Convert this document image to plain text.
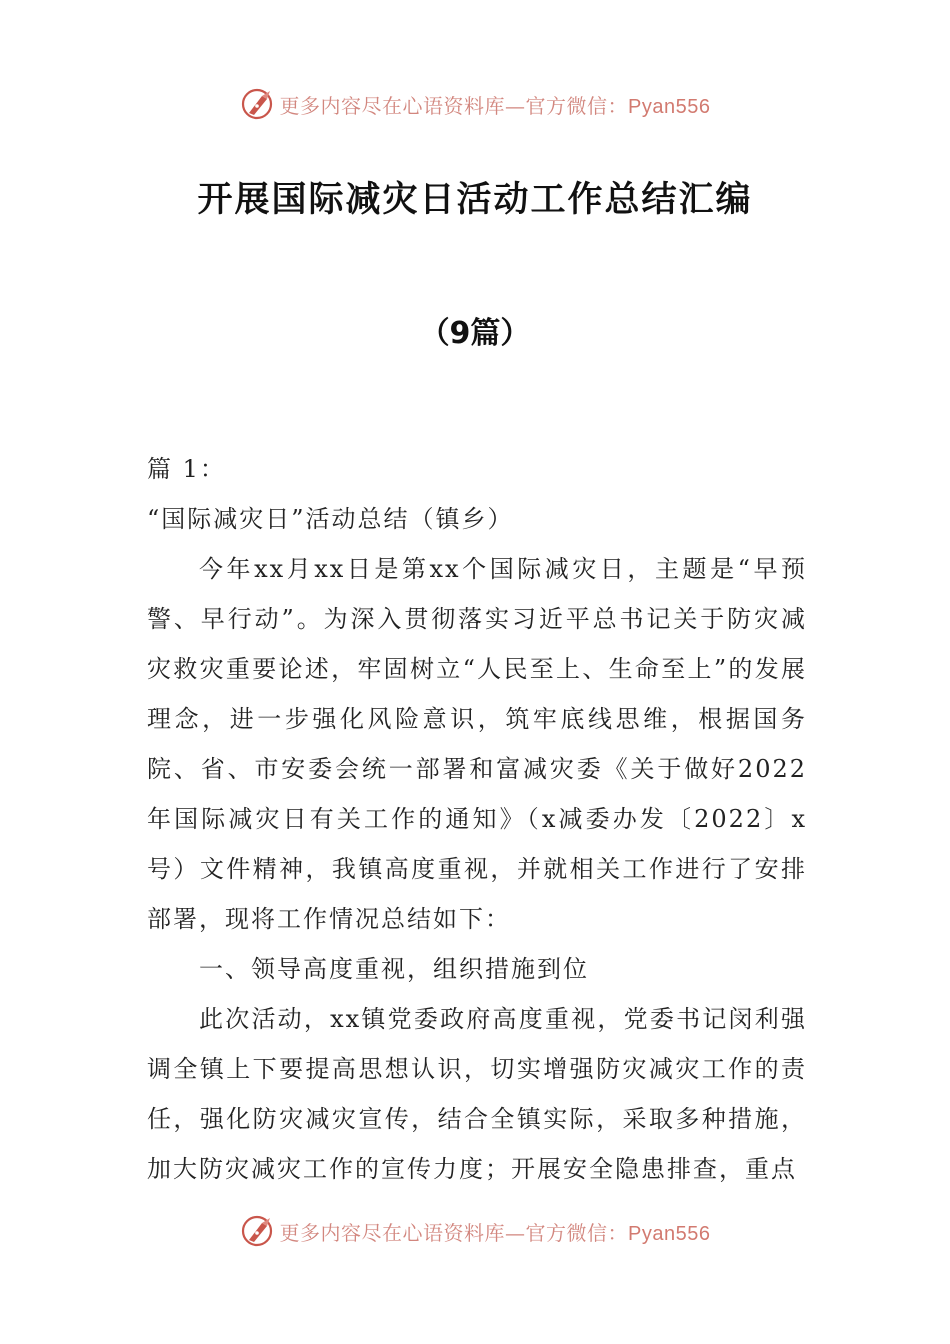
更多内容尽在心语资料库—官方微信：Pyan556
开展国际减灾日活动工作总结汇编
（9篇）

篇 1：

“国际减灾日”活动总结（镇乡）

今年xx月xx日是第xx个国际减灾日，主题是“早预警、早行动”。为深入贯彻落实习近平总书记关于防灾减灾救灾重要论述，牢固树立“人民至上、生命至上”的发展理念，进一步强化风险意识，筑牢底线思维，根据国务院、省、市安委会统一部署和富减灾委《关于做好2022年国际减灾日有关工作的通知》（x减委办发〔2022〕x号）文件精神，我镇高度重视，并就相关工作进行了安排部署，现将工作情况总结如下：

一、领导高度重视，组织措施到位

此次活动，xx镇党委政府高度重视，党委书记闵利强调全镇上下要提高思想认识，切实增强防灾减灾工作的责任，强化防灾减灾宣传，结合全镇实际，采取多种措施，加大防灾减灾工作的宣传力度；开展安全隐患排查，重点

更多内容尽在心语资料库—官方微信：Pyan556
